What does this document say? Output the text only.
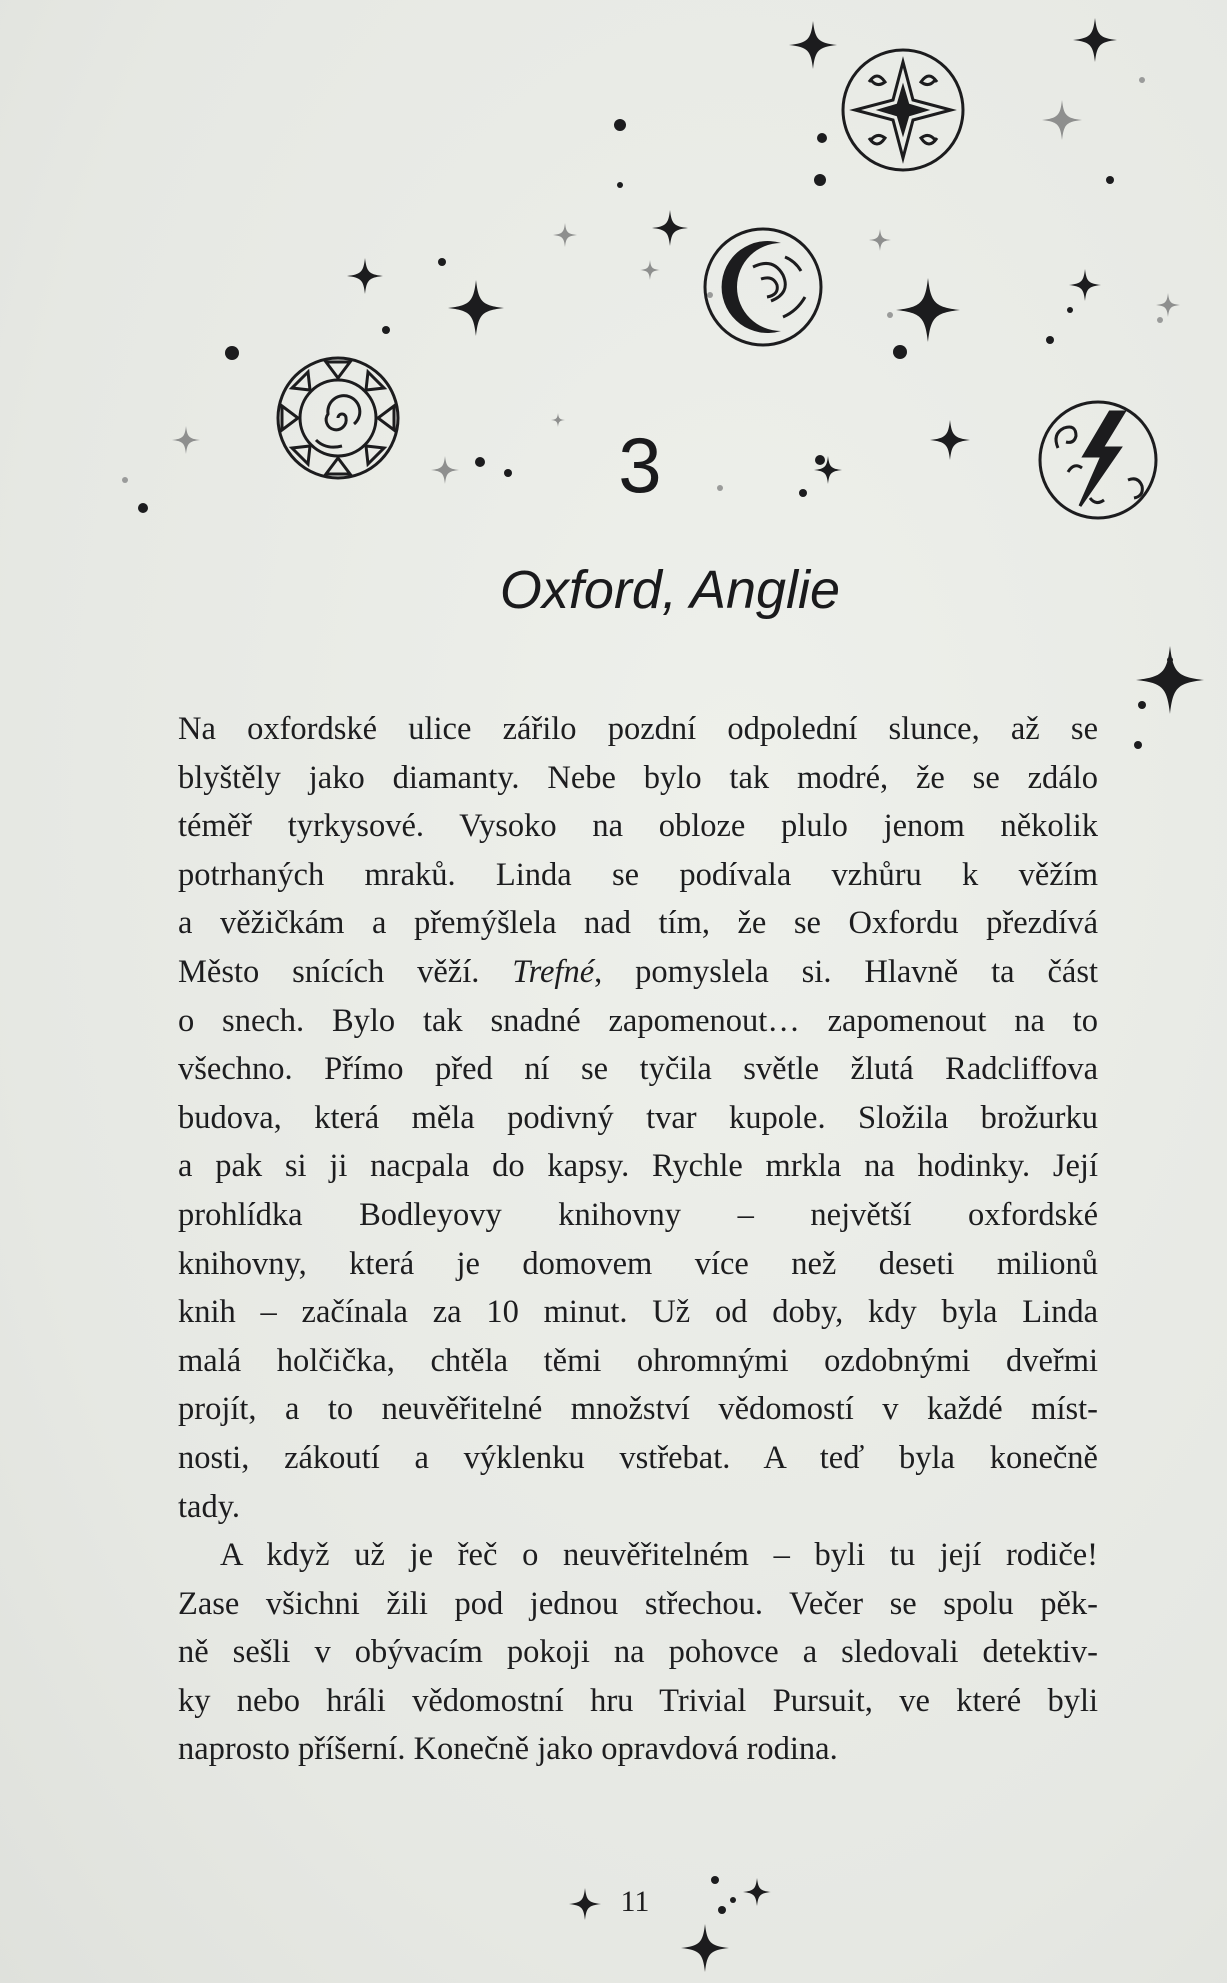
3
Oxford, Anglie
Na oxfordské ulice zářilo pozdní odpolední slunce, až se
blyštěly jako diamanty. Nebe bylo tak modré, že se zdálo
téměř tyrkysové. Vysoko na obloze plulo jenom několik
potrhaných mraků. Linda se podívala vzhůru k věžím
a věžičkám a přemýšlela nad tím, že se Oxfordu přezdívá
Město snících věží. Trefné, pomyslela si. Hlavně ta část
o snech. Bylo tak snadné zapomenout… zapomenout na to
všechno. Přímo před ní se tyčila světle žlutá Radcliffova
budova, která měla podivný tvar kupole. Složila brožurku
a pak si ji nacpala do kapsy. Rychle mrkla na hodinky. Její
prohlídka Bodleyovy knihovny – největší oxfordské
knihovny, která je domovem více než deseti milionů
knih – začínala za 10 minut. Už od doby, kdy byla Linda
malá holčička, chtěla těmi ohromnými ozdobnými dveřmi
projít, a to neuvěřitelné množství vědomostí v každé míst-
nosti, zákoutí a výklenku vstřebat. A teď byla konečně
tady.
A když už je řeč o neuvěřitelném – byli tu její rodiče!
Zase všichni žili pod jednou střechou. Večer se spolu pěk-
ně sešli v obývacím pokoji na pohovce a sledovali detektiv-
ky nebo hráli vědomostní hru Trivial Pursuit, ve které byli
naprosto příšerní. Konečně jako opravdová rodina.
11
